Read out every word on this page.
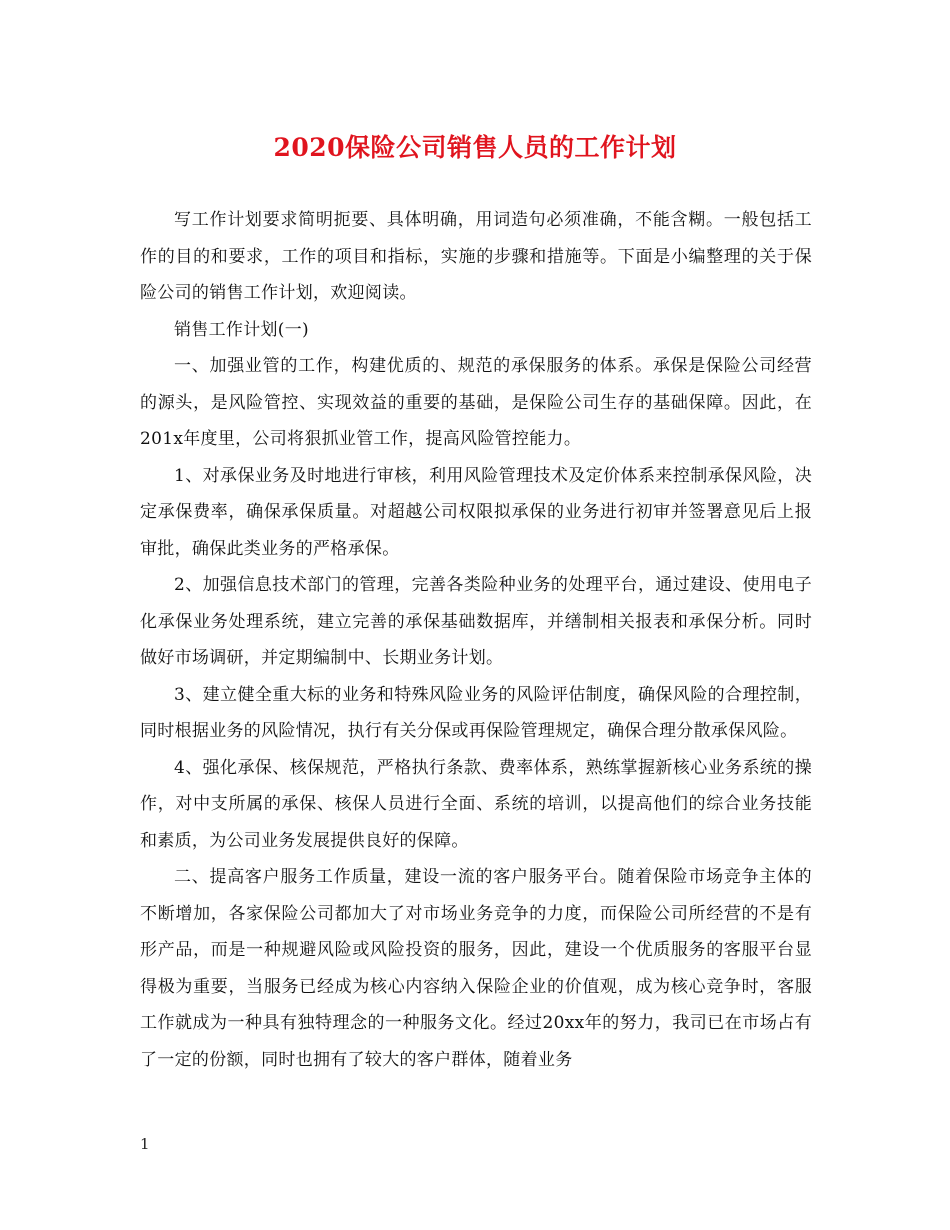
2020保险公司销售人员的工作计划

写工作计划要求简明扼要、具体明确，用词造句必须准确，不能含糊。一般包括工作的目的和要求，工作的项目和指标，实施的步骤和措施等。下面是小编整理的关于保险公司的销售工作计划，欢迎阅读。

销售工作计划(一)

一、加强业管的工作，构建优质的、规范的承保服务的体系。承保是保险公司经营的源头，是风险管控、实现效益的重要的基础，是保险公司生存的基础保障。因此，在201x年度里，公司将狠抓业管工作，提高风险管控能力。

1、对承保业务及时地进行审核，利用风险管理技术及定价体系来控制承保风险，决定承保费率，确保承保质量。对超越公司权限拟承保的业务进行初审并签署意见后上报审批，确保此类业务的严格承保。

2、加强信息技术部门的管理，完善各类险种业务的处理平台，通过建设、使用电子化承保业务处理系统，建立完善的承保基础数据库，并缮制相关报表和承保分析。同时做好市场调研，并定期编制中、长期业务计划。

3、建立健全重大标的业务和特殊风险业务的风险评估制度，确保风险的合理控制，同时根据业务的风险情况，执行有关分保或再保险管理规定，确保合理分散承保风险。

4、强化承保、核保规范，严格执行条款、费率体系，熟练掌握新核心业务系统的操作，对中支所属的承保、核保人员进行全面、系统的培训，以提高他们的综合业务技能和素质，为公司业务发展提供良好的保障。

二、提高客户服务工作质量，建设一流的客户服务平台。随着保险市场竞争主体的不断增加，各家保险公司都加大了对市场业务竞争的力度，而保险公司所经营的不是有形产品，而是一种规避风险或风险投资的服务，因此，建设一个优质服务的客服平台显得极为重要，当服务已经成为核心内容纳入保险企业的价值观，成为核心竞争时，客服工作就成为一种具有独特理念的一种服务文化。经过20xx年的努力，我司已在市场占有了一定的份额，同时也拥有了较大的客户群体，随着业务

1
